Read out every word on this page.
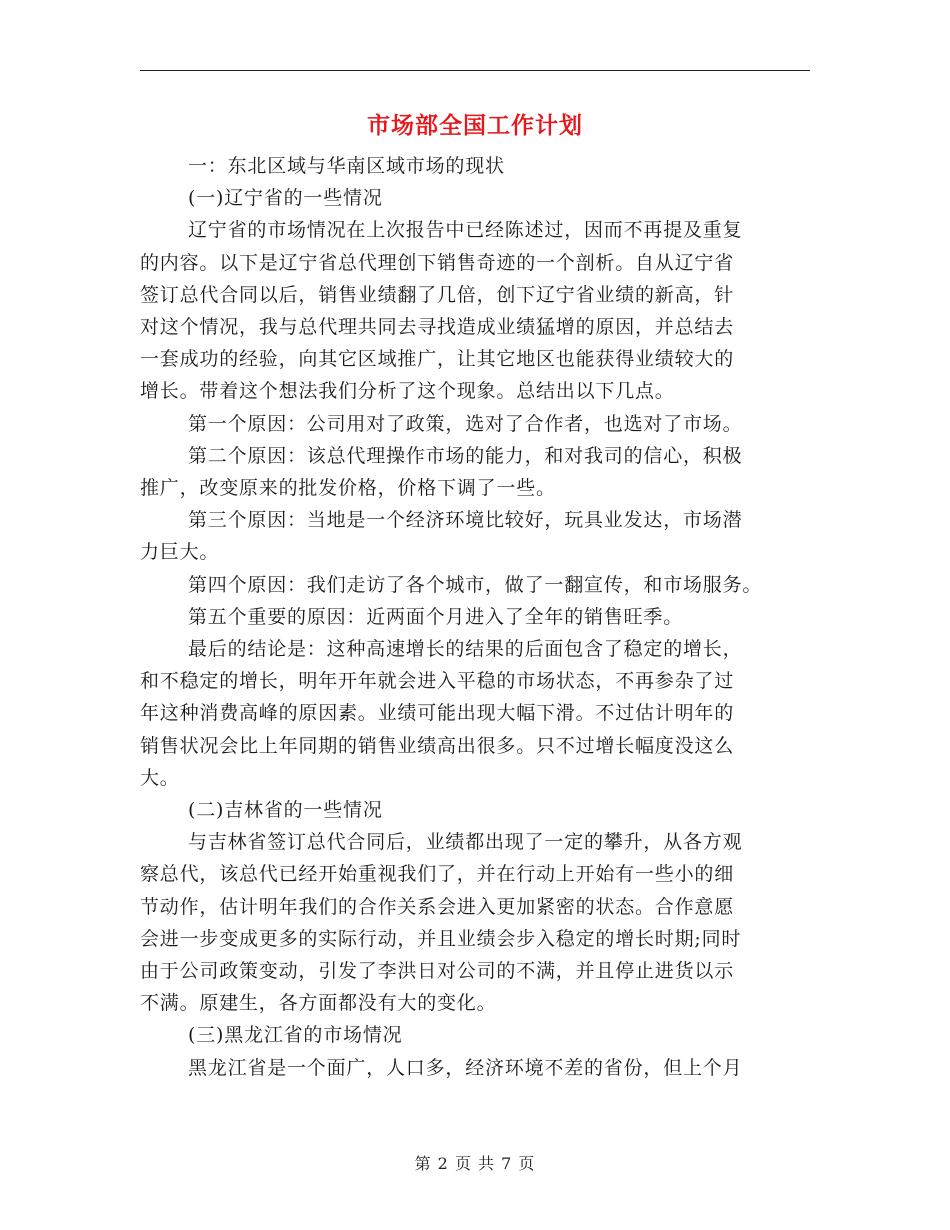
市场部全国工作计划
一：东北区域与华南区域市场的现状
(一)辽宁省的一些情况
辽宁省的市场情况在上次报告中已经陈述过，因而不再提及重复
的内容。以下是辽宁省总代理创下销售奇迹的一个剖析。自从辽宁省
签订总代合同以后，销售业绩翻了几倍，创下辽宁省业绩的新高，针
对这个情况，我与总代理共同去寻找造成业绩猛增的原因，并总结去
一套成功的经验，向其它区域推广，让其它地区也能获得业绩较大的
增长。带着这个想法我们分析了这个现象。总结出以下几点。
第一个原因：公司用对了政策，选对了合作者，也选对了市场。
第二个原因：该总代理操作市场的能力，和对我司的信心，积极
推广，改变原来的批发价格，价格下调了一些。
第三个原因：当地是一个经济环境比较好，玩具业发达，市场潜
力巨大。
第四个原因：我们走访了各个城市，做了一翻宣传，和市场服务。
第五个重要的原因：近两面个月进入了全年的销售旺季。
最后的结论是：这种高速增长的结果的后面包含了稳定的增长，
和不稳定的增长，明年开年就会进入平稳的市场状态，不再参杂了过
年这种消费高峰的原因素。业绩可能出现大幅下滑。不过估计明年的
销售状况会比上年同期的销售业绩高出很多。只不过增长幅度没这么
大。
(二)吉林省的一些情况
与吉林省签订总代合同后，业绩都出现了一定的攀升，从各方观
察总代，该总代已经开始重视我们了，并在行动上开始有一些小的细
节动作，估计明年我们的合作关系会进入更加紧密的状态。合作意愿
会进一步变成更多的实际行动，并且业绩会步入稳定的增长时期;同时
由于公司政策变动，引发了李洪日对公司的不满，并且停止进货以示
不满。原建生，各方面都没有大的变化。
(三)黑龙江省的市场情况
黑龙江省是一个面广，人口多，经济环境不差的省份，但上个月
第 2 页 共 7 页
